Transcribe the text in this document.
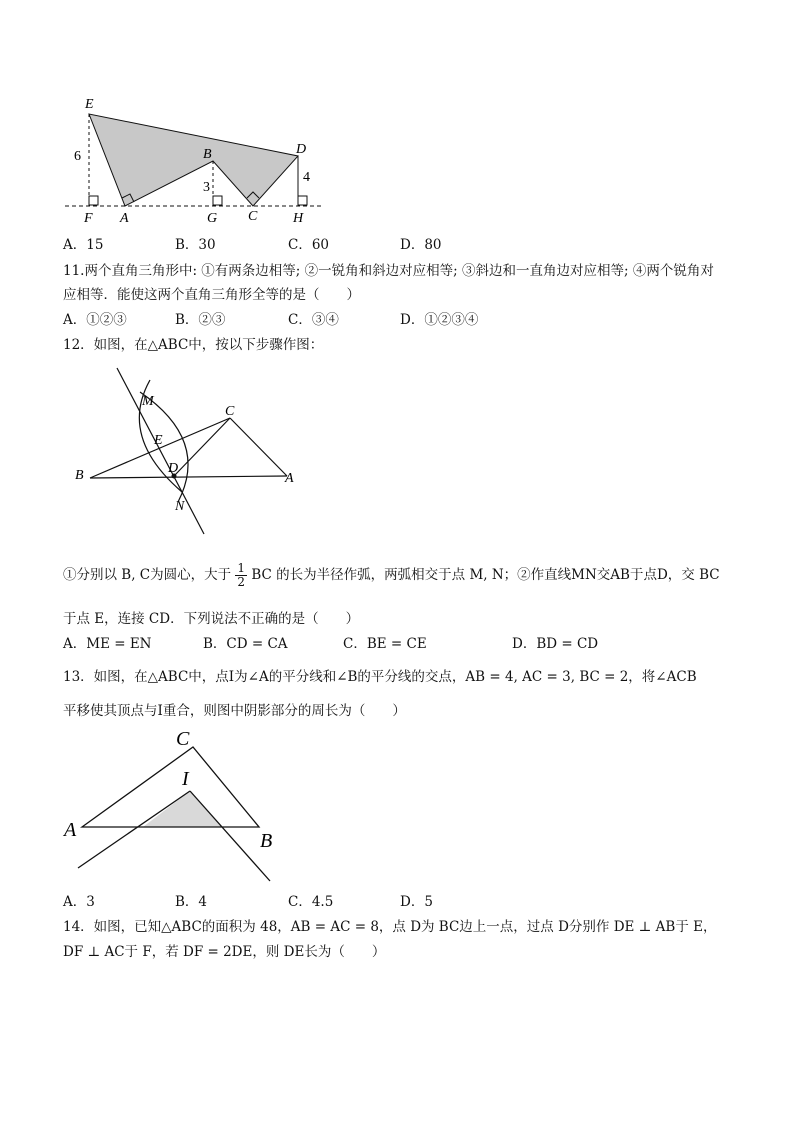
E
B	D
F A	G C	H
6
3
4
A．15	B．30	C．60	D．80
11.两个直角三角形中: ①有两条边相等; ②一锐角和斜边对应相等; ③斜边和一直角边对应相等; ④两个锐角对
应相等．能使这两个直角三角形全等的是（　　）
A．①②③	B．②③	C．③④	D．①②③④
12．如图，在△ABC中，按以下步骤作图：
M
C
E
D
B	A
N
①分别以 B, C为圆心，大于 $\frac{1}{2}$ BC 的长为半径作弧，两弧相交于点 M, N；②作直线MN交AB于点D，交 BC
于点 E，连接 CD．下列说法不正确的是（　　）
A．ME = EN	B．CD = CA	C．BE = CE	D．BD = CD
13．如图，在△ABC中，点I为∠A的平分线和∠B的平分线的交点，AB = 4, AC = 3, BC = 2，将∠ACB
平移使其顶点与I重合，则图中阴影部分的周长为（　　）
C
I
A	B
A．3	B．4	C．4.5	D．5
14．如图，已知△ABC的面积为 48，AB = AC = 8，点 D为 BC边上一点，过点 D分别作 DE ⊥ AB于 E，
DF ⊥ AC于 F，若 DF = 2DE，则 DE长为（　　）
